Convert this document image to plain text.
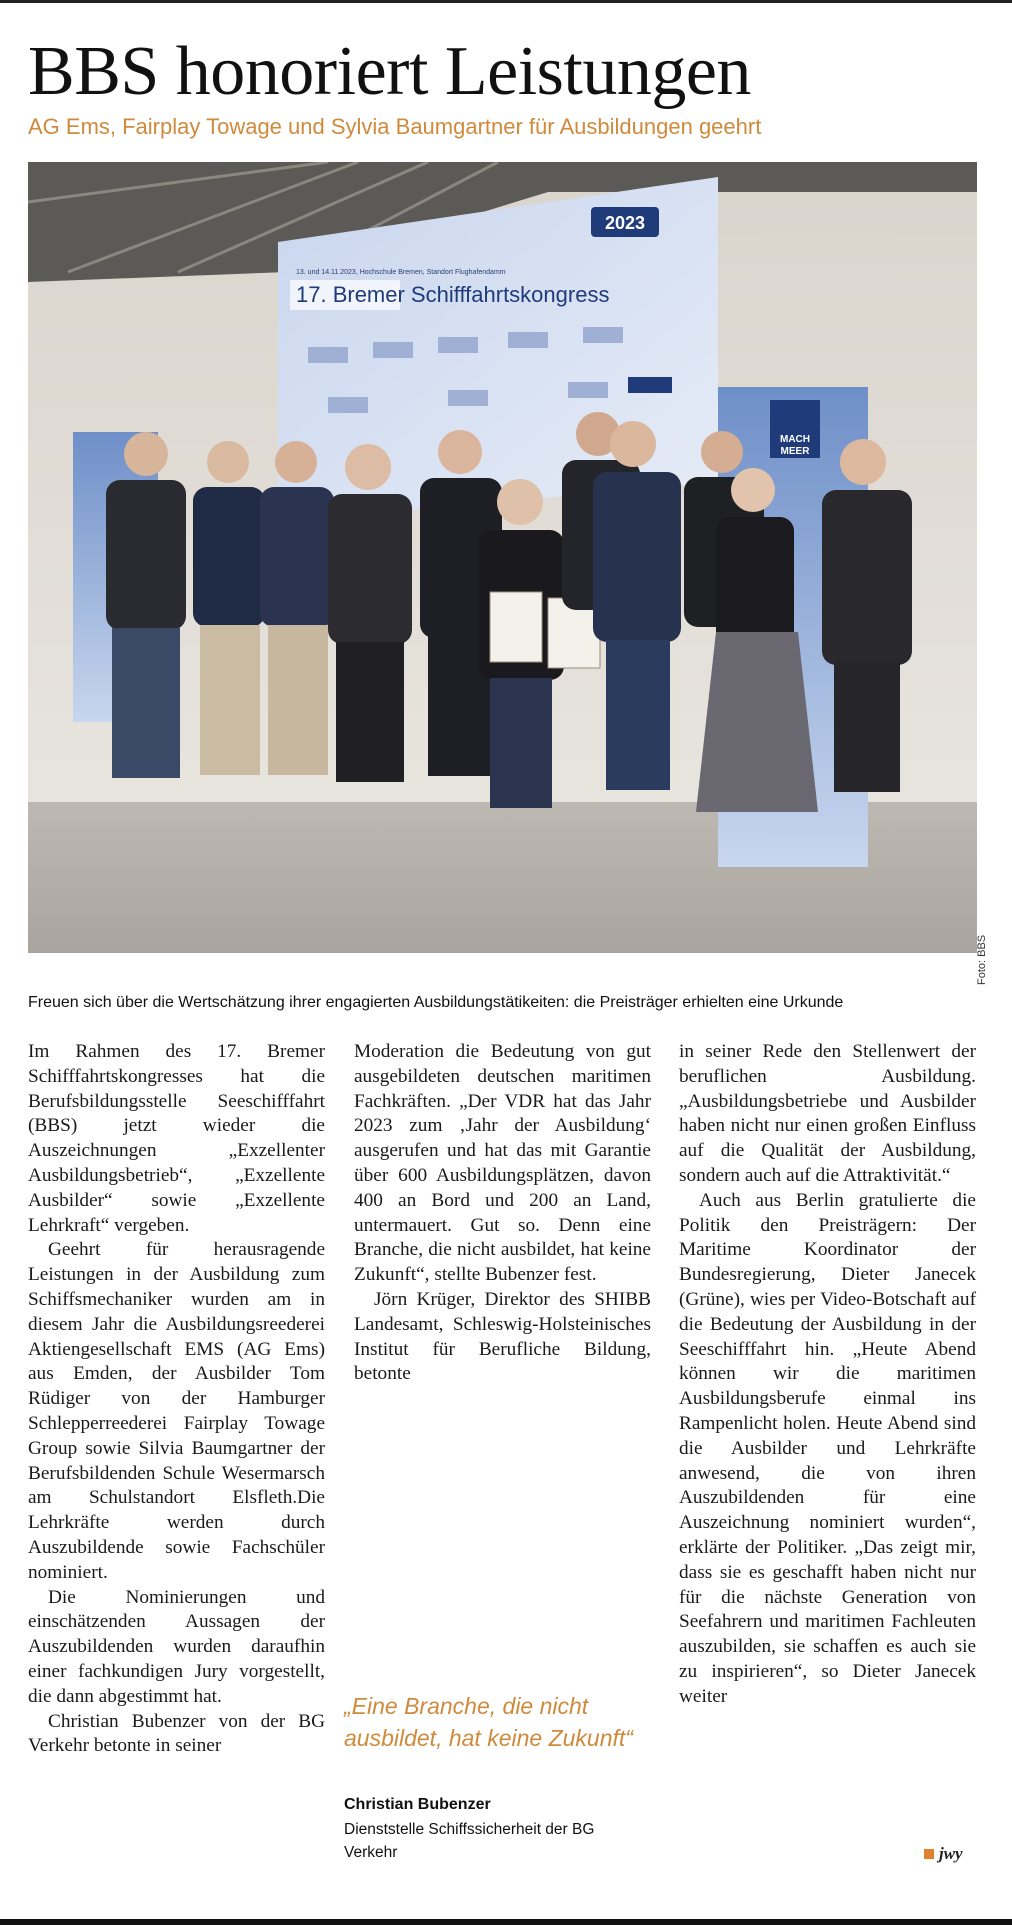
BBS honoriert Leistungen
AG Ems, Fairplay Towage und Sylvia Baumgartner für Ausbildungen geehrt
2023
13. und 14.11.2023, Hochschule Bremen, Standort Flughafendamm
17. Bremer Schifffahrtskongress
MACH
MEER
Foto: BBS

Freuen sich über die Wertschätzung ihrer engagierten Ausbildungstätikeiten: die Preisträger erhielten eine Urkunde

Im Rahmen des 17. Bremer Schifffahrtskongresses hat die Berufsbildungsstelle Seeschifffahrt (BBS) jetzt wieder die Auszeichnungen „Exzellenter Ausbildungsbetrieb“, „Exzellente Ausbilder“ sowie „Exzellente Lehrkraft“ vergeben.

Geehrt für herausragende Leistungen in der Ausbildung zum Schiffsmechaniker wurden am in diesem Jahr die Ausbildungsreederei Aktiengesellschaft EMS (AG Ems) aus Emden, der Ausbilder Tom Rüdiger von der Hamburger Schlepperreederei Fairplay Towage Group sowie Silvia Baumgartner der Berufsbildenden Schule Wesermarsch am Schulstandort Elsfleth.Die Lehrkräfte werden durch Auszubildende sowie Fachschüler nominiert.

Die Nominierungen und einschätzenden Aussagen der Auszubildenden wurden daraufhin einer fachkundigen Jury vorgestellt, die dann abgestimmt hat.

Christian Bubenzer von der BG Verkehr betonte in seiner

Moderation die Bedeutung von gut ausgebildeten deutschen maritimen Fachkräften. „Der VDR hat das Jahr 2023 zum ‚Jahr der Ausbildung‘ ausgerufen und hat das mit Garantie über 600 Ausbildungsplätzen, davon 400 an Bord und 200 an Land, untermauert. Gut so. Denn eine Branche, die nicht ausbildet, hat keine Zukunft“, stellte Bubenzer fest.

Jörn Krüger, Direktor des SHIBB Landesamt, Schleswig-Holsteinisches Institut für Berufliche Bildung, betonte

„Eine Branche, die nicht ausbildet, hat keine Zukunft“

Christian Bubenzer

Dienststelle Schiffssicherheit der BG Verkehr

in seiner Rede den Stellenwert der beruflichen Ausbildung. „Ausbildungsbetriebe und Ausbilder haben nicht nur einen großen Einfluss auf die Qualität der Ausbildung, sondern auch auf die Attraktivität.“

Auch aus Berlin gratulierte die Politik den Preisträgern: Der Maritime Koordinator der Bundesregierung, Dieter Janecek (Grüne), wies per Video-Botschaft auf die Bedeutung der Ausbildung in der Seeschifffahrt hin. „Heute Abend können wir die maritimen Ausbildungsberufe einmal ins Rampenlicht holen. Heute Abend sind die Ausbilder und Lehrkräfte anwesend, die von ihren Auszubildenden für eine Auszeichnung nominiert wurden“, erklärte der Politiker. „Das zeigt mir, dass sie es geschafft haben nicht nur für die nächste Generation von Seefahrern und maritimen Fachleuten auszubilden, sie schaffen es auch sie zu inspirieren“, so Dieter Janecek weiter

jwy
